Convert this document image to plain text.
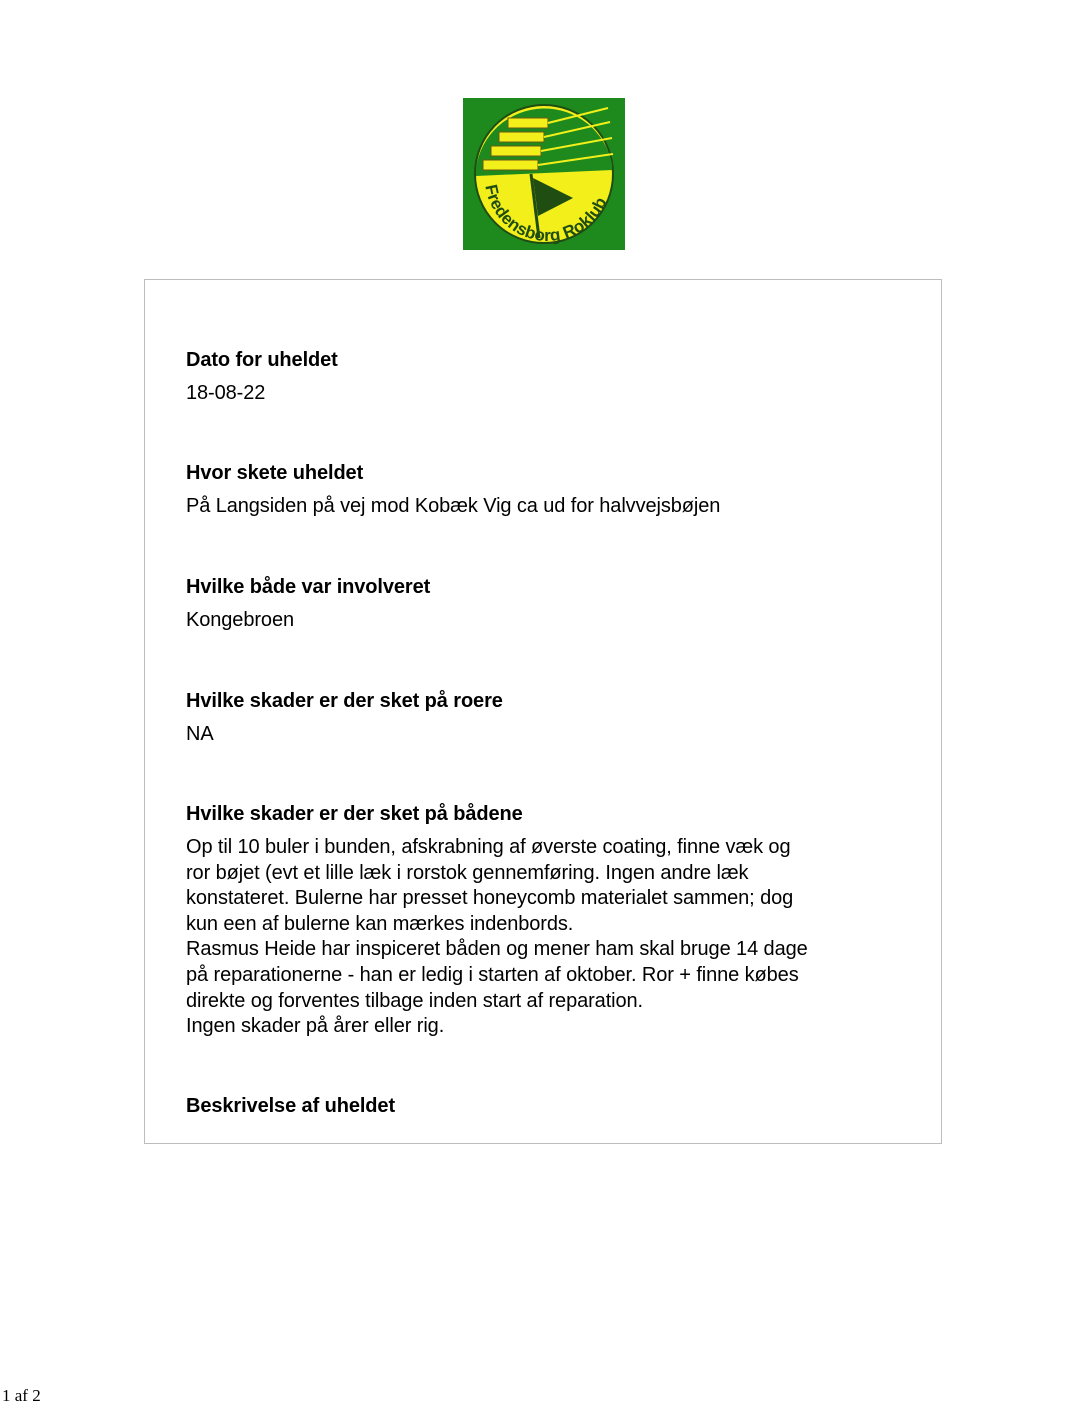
Fredensborg Roklub
Dato for uheldet

18-08-22

Hvor skete uheldet

På Langsiden på vej mod Kobæk Vig ca ud for halvvejsbøjen

Hvilke både var involveret

Kongebroen

Hvilke skader er der sket på roere

NA

Hvilke skader er der sket på bådene

Op til 10 buler i bunden, afskrabning af øverste coating, finne væk og

ror bøjet (evt et lille læk i rorstok gennemføring. Ingen andre læk

konstateret. Bulerne har presset honeycomb materialet sammen; dog

kun een af bulerne kan mærkes indenbords.

Rasmus Heide har inspiceret båden og mener ham skal bruge 14 dage

på reparationerne - han er ledig i starten af oktober. Ror + finne købes

direkte og forventes tilbage inden start af reparation.

Ingen skader på årer eller rig.

Beskrivelse af uheldet
1 af 2
